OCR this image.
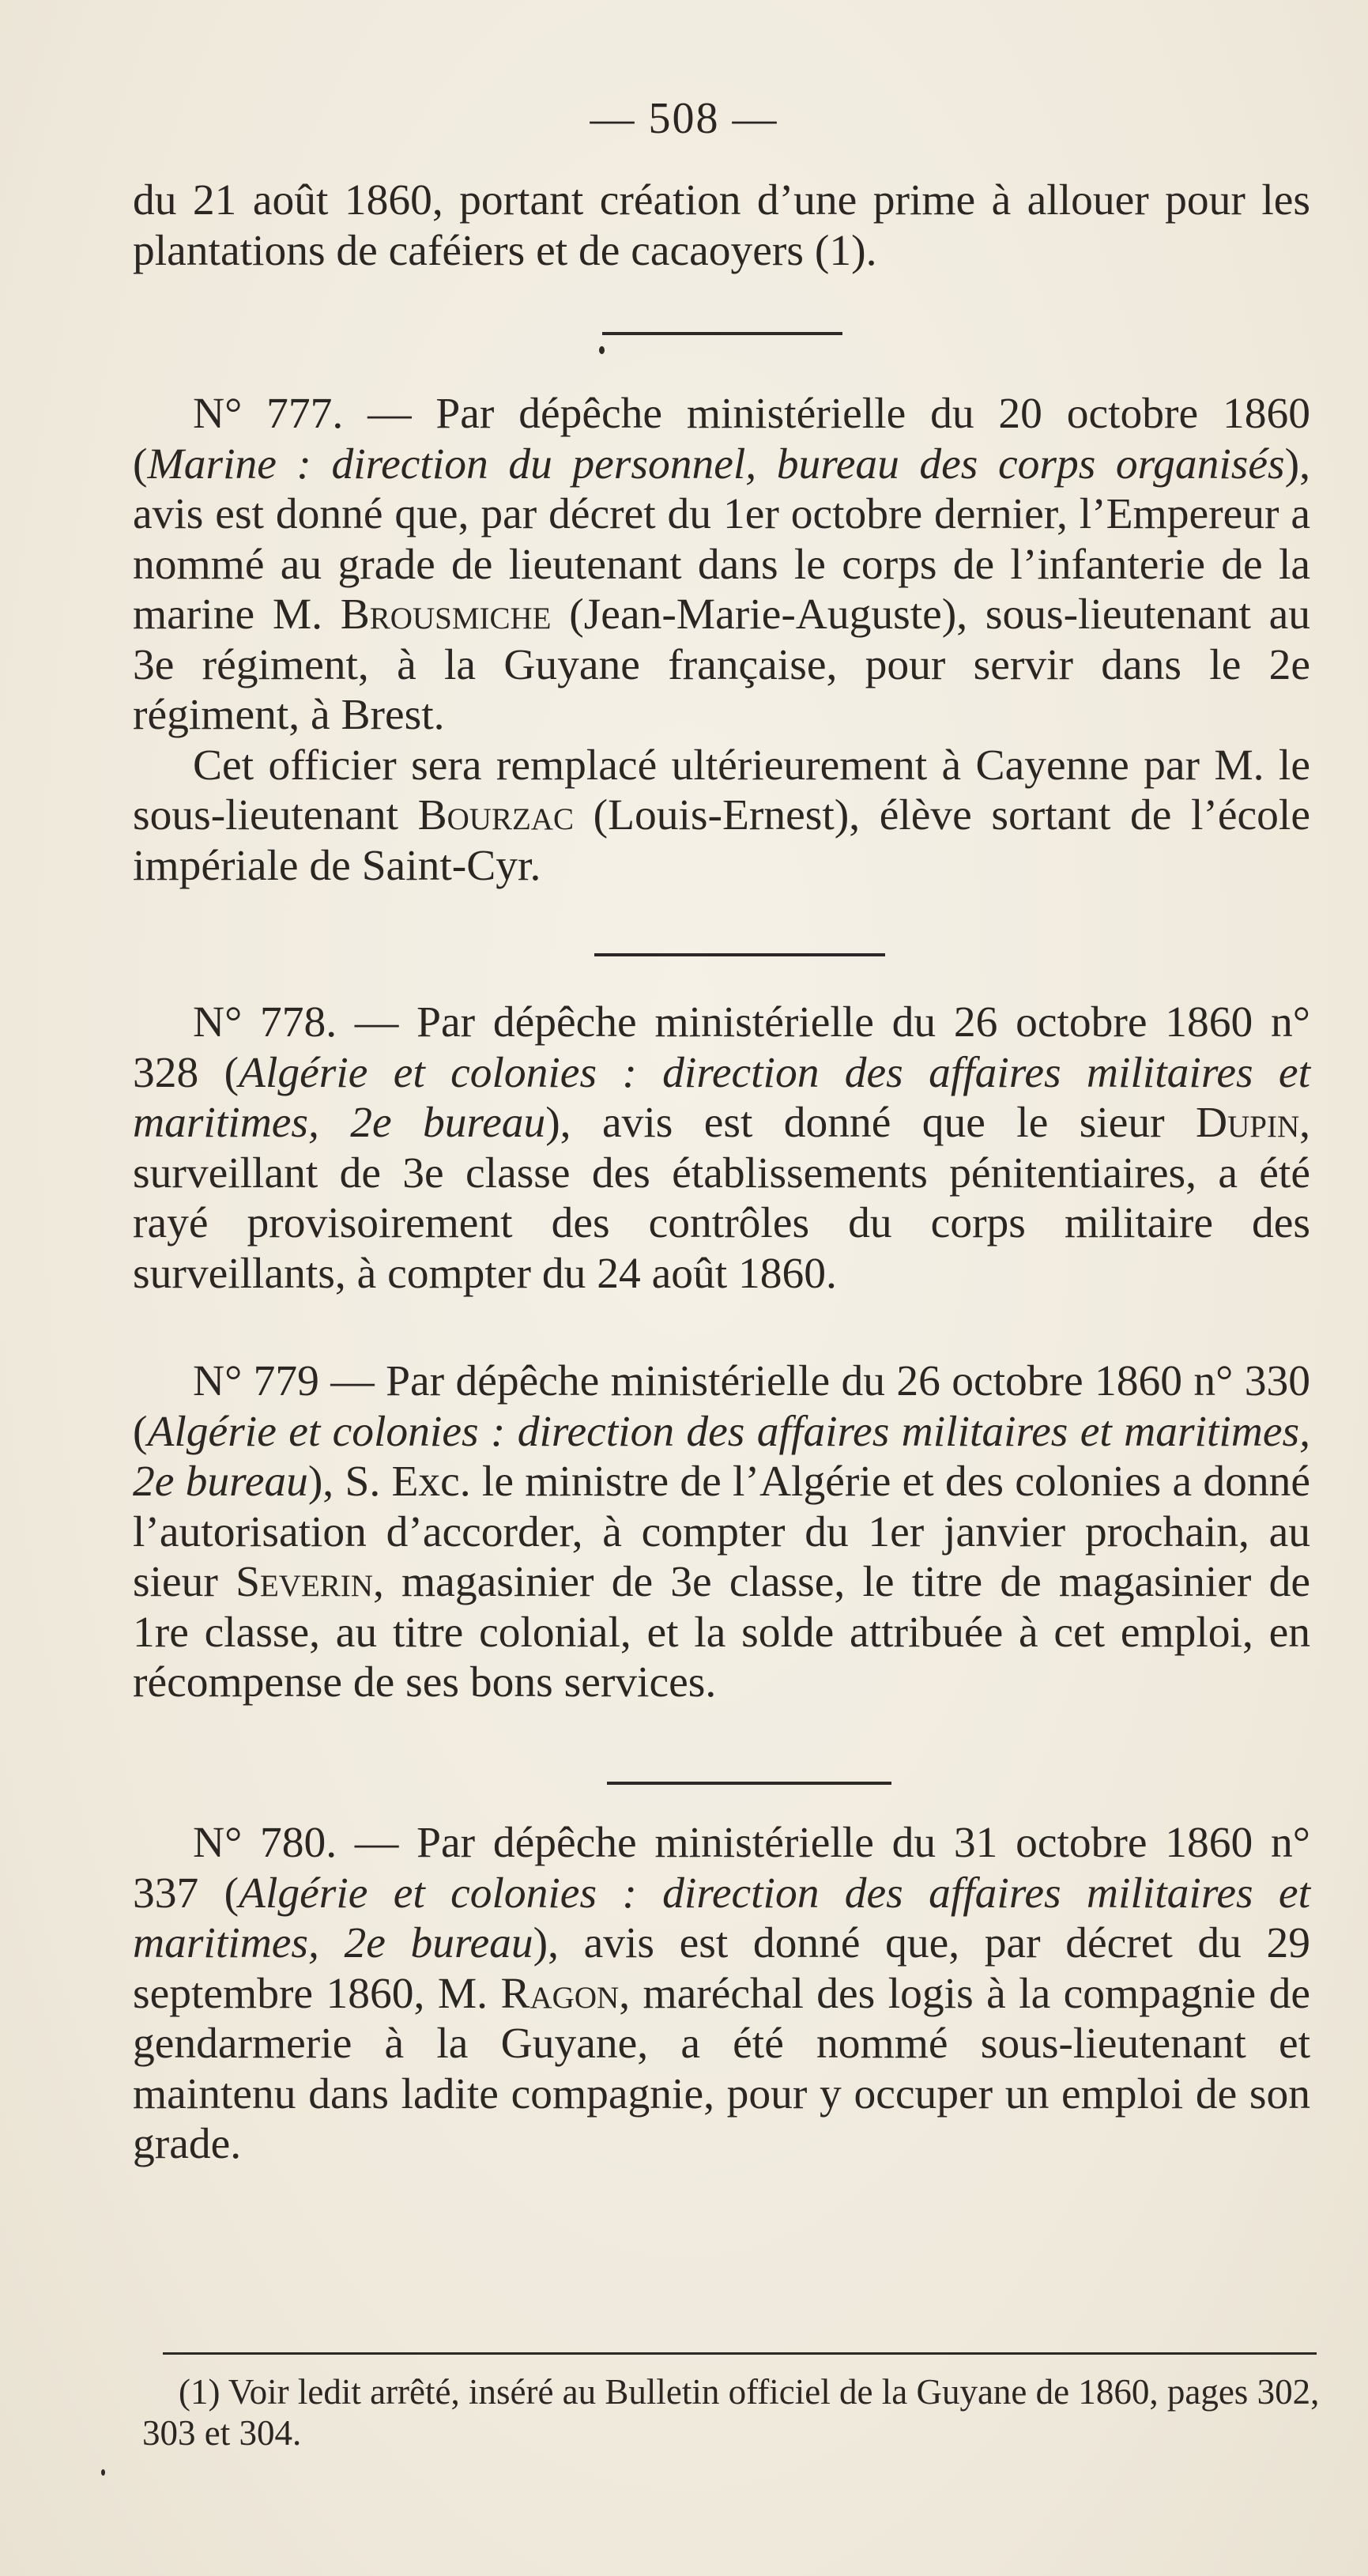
— 508 —

du 21 août 1860, portant création d’une prime à allouer pour les plantations de caféiers et de cacaoyers (1).

N° 777. — Par dépêche ministérielle du 20 octobre 1860 (Marine : direction du personnel, bureau des corps organisés), avis est donné que, par décret du 1er octobre dernier, l’Empereur a nommé au grade de lieutenant dans le corps de l’infanterie de la marine M. Brousmiche (Jean-Marie-Auguste), sous-lieutenant au 3e régiment, à la Guyane française, pour servir dans le 2e régiment, à Brest.

Cet officier sera remplacé ultérieurement à Cayenne par M. le sous-lieutenant Bourzac (Louis-Ernest), élève sortant de l’école impériale de Saint-Cyr.

N° 778. — Par dépêche ministérielle du 26 octobre 1860 n° 328 (Algérie et colonies : direction des affaires militaires et maritimes, 2e bureau), avis est donné que le sieur Dupin, surveillant de 3e classe des établissements pénitentiaires, a été rayé provisoirement des contrôles du corps militaire des surveillants, à compter du 24 août 1860.

N° 779 — Par dépêche ministérielle du 26 octobre 1860 n° 330 (Algérie et colonies : direction des affaires militaires et maritimes, 2e bureau), S. Exc. le ministre de l’Algérie et des colonies a donné l’autorisation d’accorder, à compter du 1er janvier prochain, au sieur Severin, magasinier de 3e classe, le titre de magasinier de 1re classe, au titre colonial, et la solde attribuée à cet emploi, en récompense de ses bons services.

N° 780. — Par dépêche ministérielle du 31 octobre 1860 n° 337 (Algérie et colonies : direction des affaires militaires et maritimes, 2e bureau), avis est donné que, par décret du 29 septembre 1860, M. Ragon, maréchal des logis à la compagnie de gendarmerie à la Guyane, a été nommé sous-lieutenant et maintenu dans ladite compagnie, pour y occuper un emploi de son grade.

(1) Voir ledit arrêté, inséré au Bulletin officiel de la Guyane de 1860, pages 302, 303 et 304.
